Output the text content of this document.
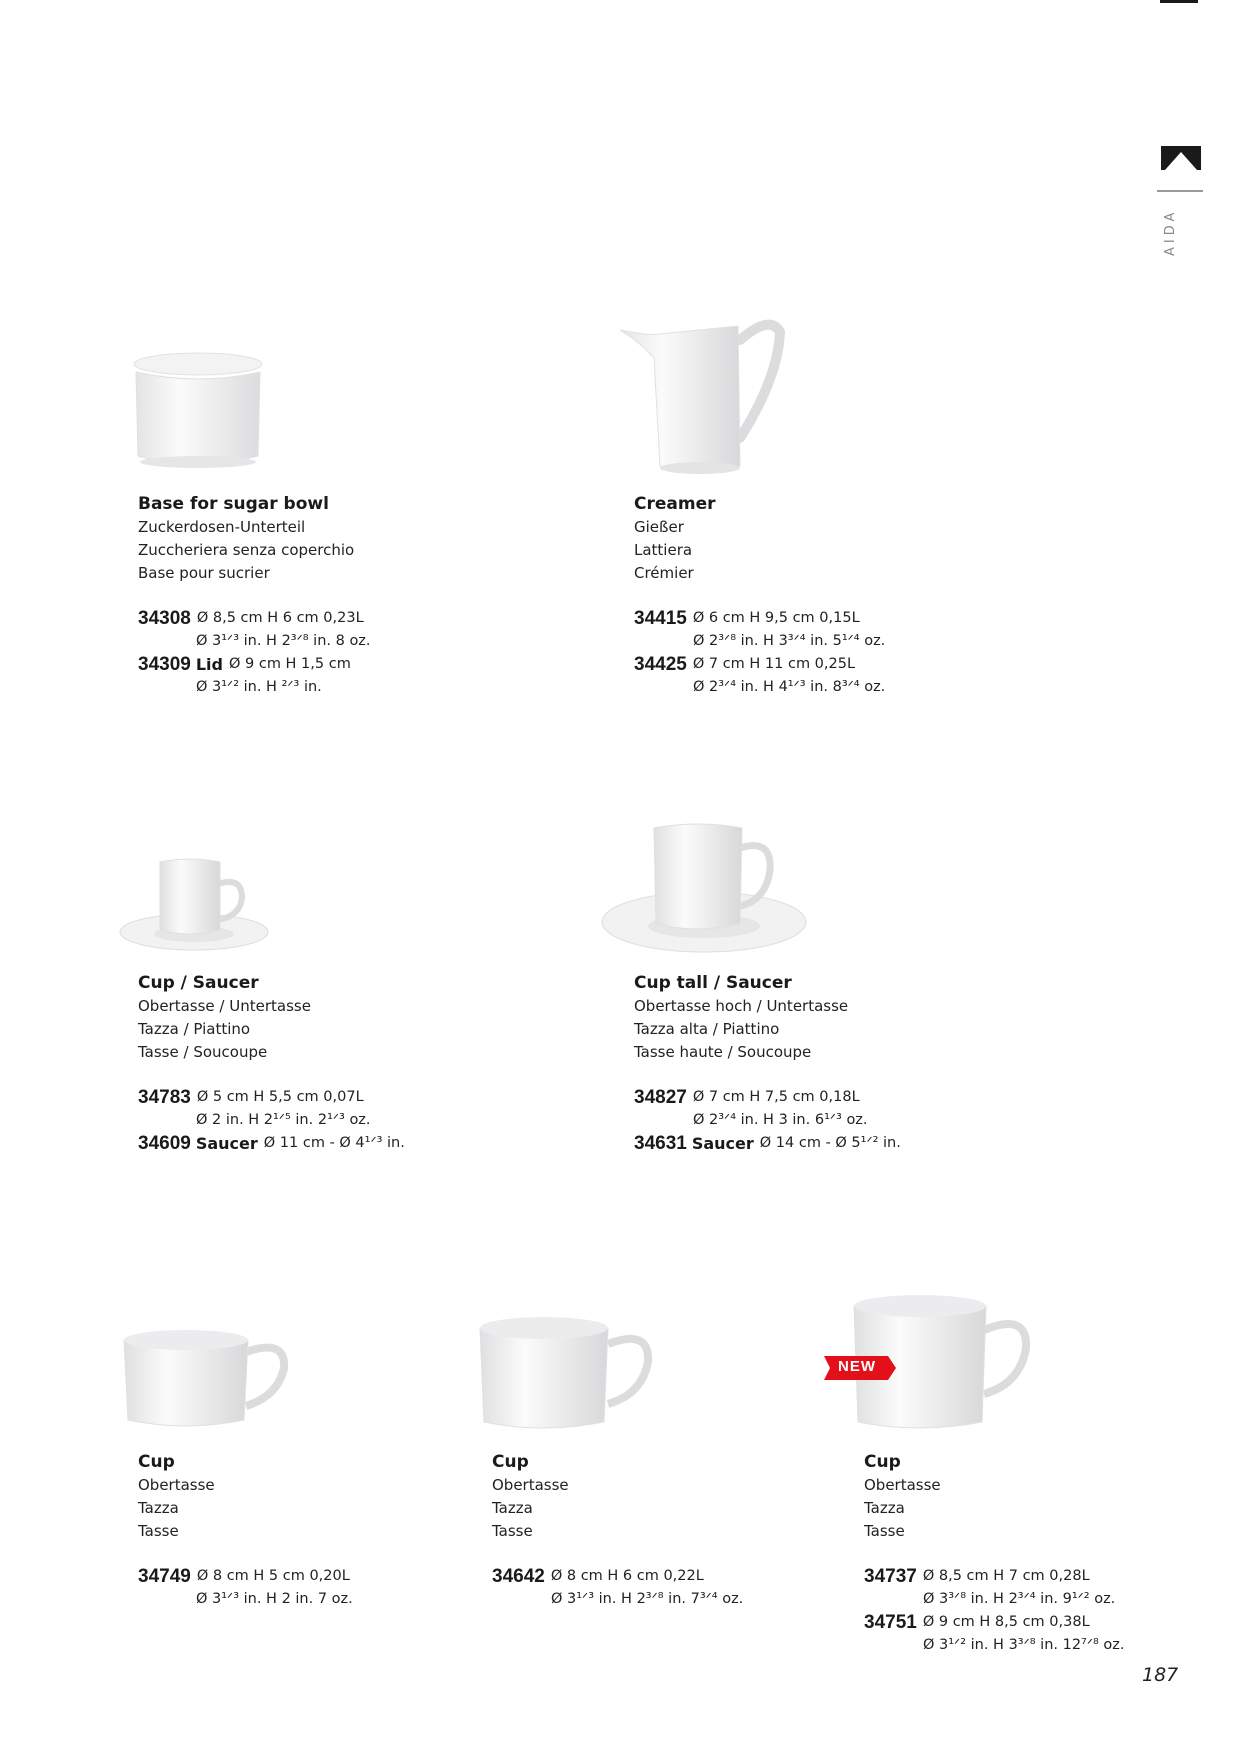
AIDA
Base for sugar bowl
Zuckerdosen-Unterteil
Zuccheriera senza coperchio
Base pour sucrier
34308 Ø 8,5 cm H 6 cm 0,23L
Ø 3¹ᐟ³ in. H 2³ᐟ⁸ in. 8 oz.
34309 Lid Ø 9 cm H 1,5 cm
Ø 3¹ᐟ² in. H ²ᐟ³ in.
Creamer
Gießer
Lattiera
Crémier
34415 Ø 6 cm H 9,5 cm 0,15L
Ø 2³ᐟ⁸ in. H 3³ᐟ⁴ in. 5¹ᐟ⁴ oz.
34425 Ø 7 cm H 11 cm 0,25L
Ø 2³ᐟ⁴ in. H 4¹ᐟ³ in. 8³ᐟ⁴ oz.
Cup / Saucer
Obertasse / Untertasse
Tazza / Piattino
Tasse / Soucoupe
34783 Ø 5 cm H 5,5 cm 0,07L
Ø 2 in. H 2¹ᐟ⁵ in. 2¹ᐟ³ oz.
34609 Saucer Ø 11 cm - Ø 4¹ᐟ³ in.
Cup tall / Saucer
Obertasse hoch / Untertasse
Tazza alta / Piattino
Tasse haute / Soucoupe
34827 Ø 7 cm H 7,5 cm 0,18L
Ø 2³ᐟ⁴ in. H 3 in. 6¹ᐟ³ oz.
34631 Saucer Ø 14 cm - Ø 5¹ᐟ² in.
Cup
Obertasse
Tazza
Tasse
34749 Ø 8 cm H 5 cm 0,20L
Ø 3¹ᐟ³ in. H 2 in. 7 oz.
Cup
Obertasse
Tazza
Tasse
34642 Ø 8 cm H 6 cm 0,22L
Ø 3¹ᐟ³ in. H 2³ᐟ⁸ in. 7³ᐟ⁴ oz.
NEW
Cup
Obertasse
Tazza
Tasse
34737 Ø 8,5 cm H 7 cm 0,28L
Ø 3³ᐟ⁸ in. H 2³ᐟ⁴ in. 9¹ᐟ² oz.
34751 Ø 9 cm H 8,5 cm 0,38L
Ø 3¹ᐟ² in. H 3³ᐟ⁸ in. 12⁷ᐟ⁸ oz.
187
